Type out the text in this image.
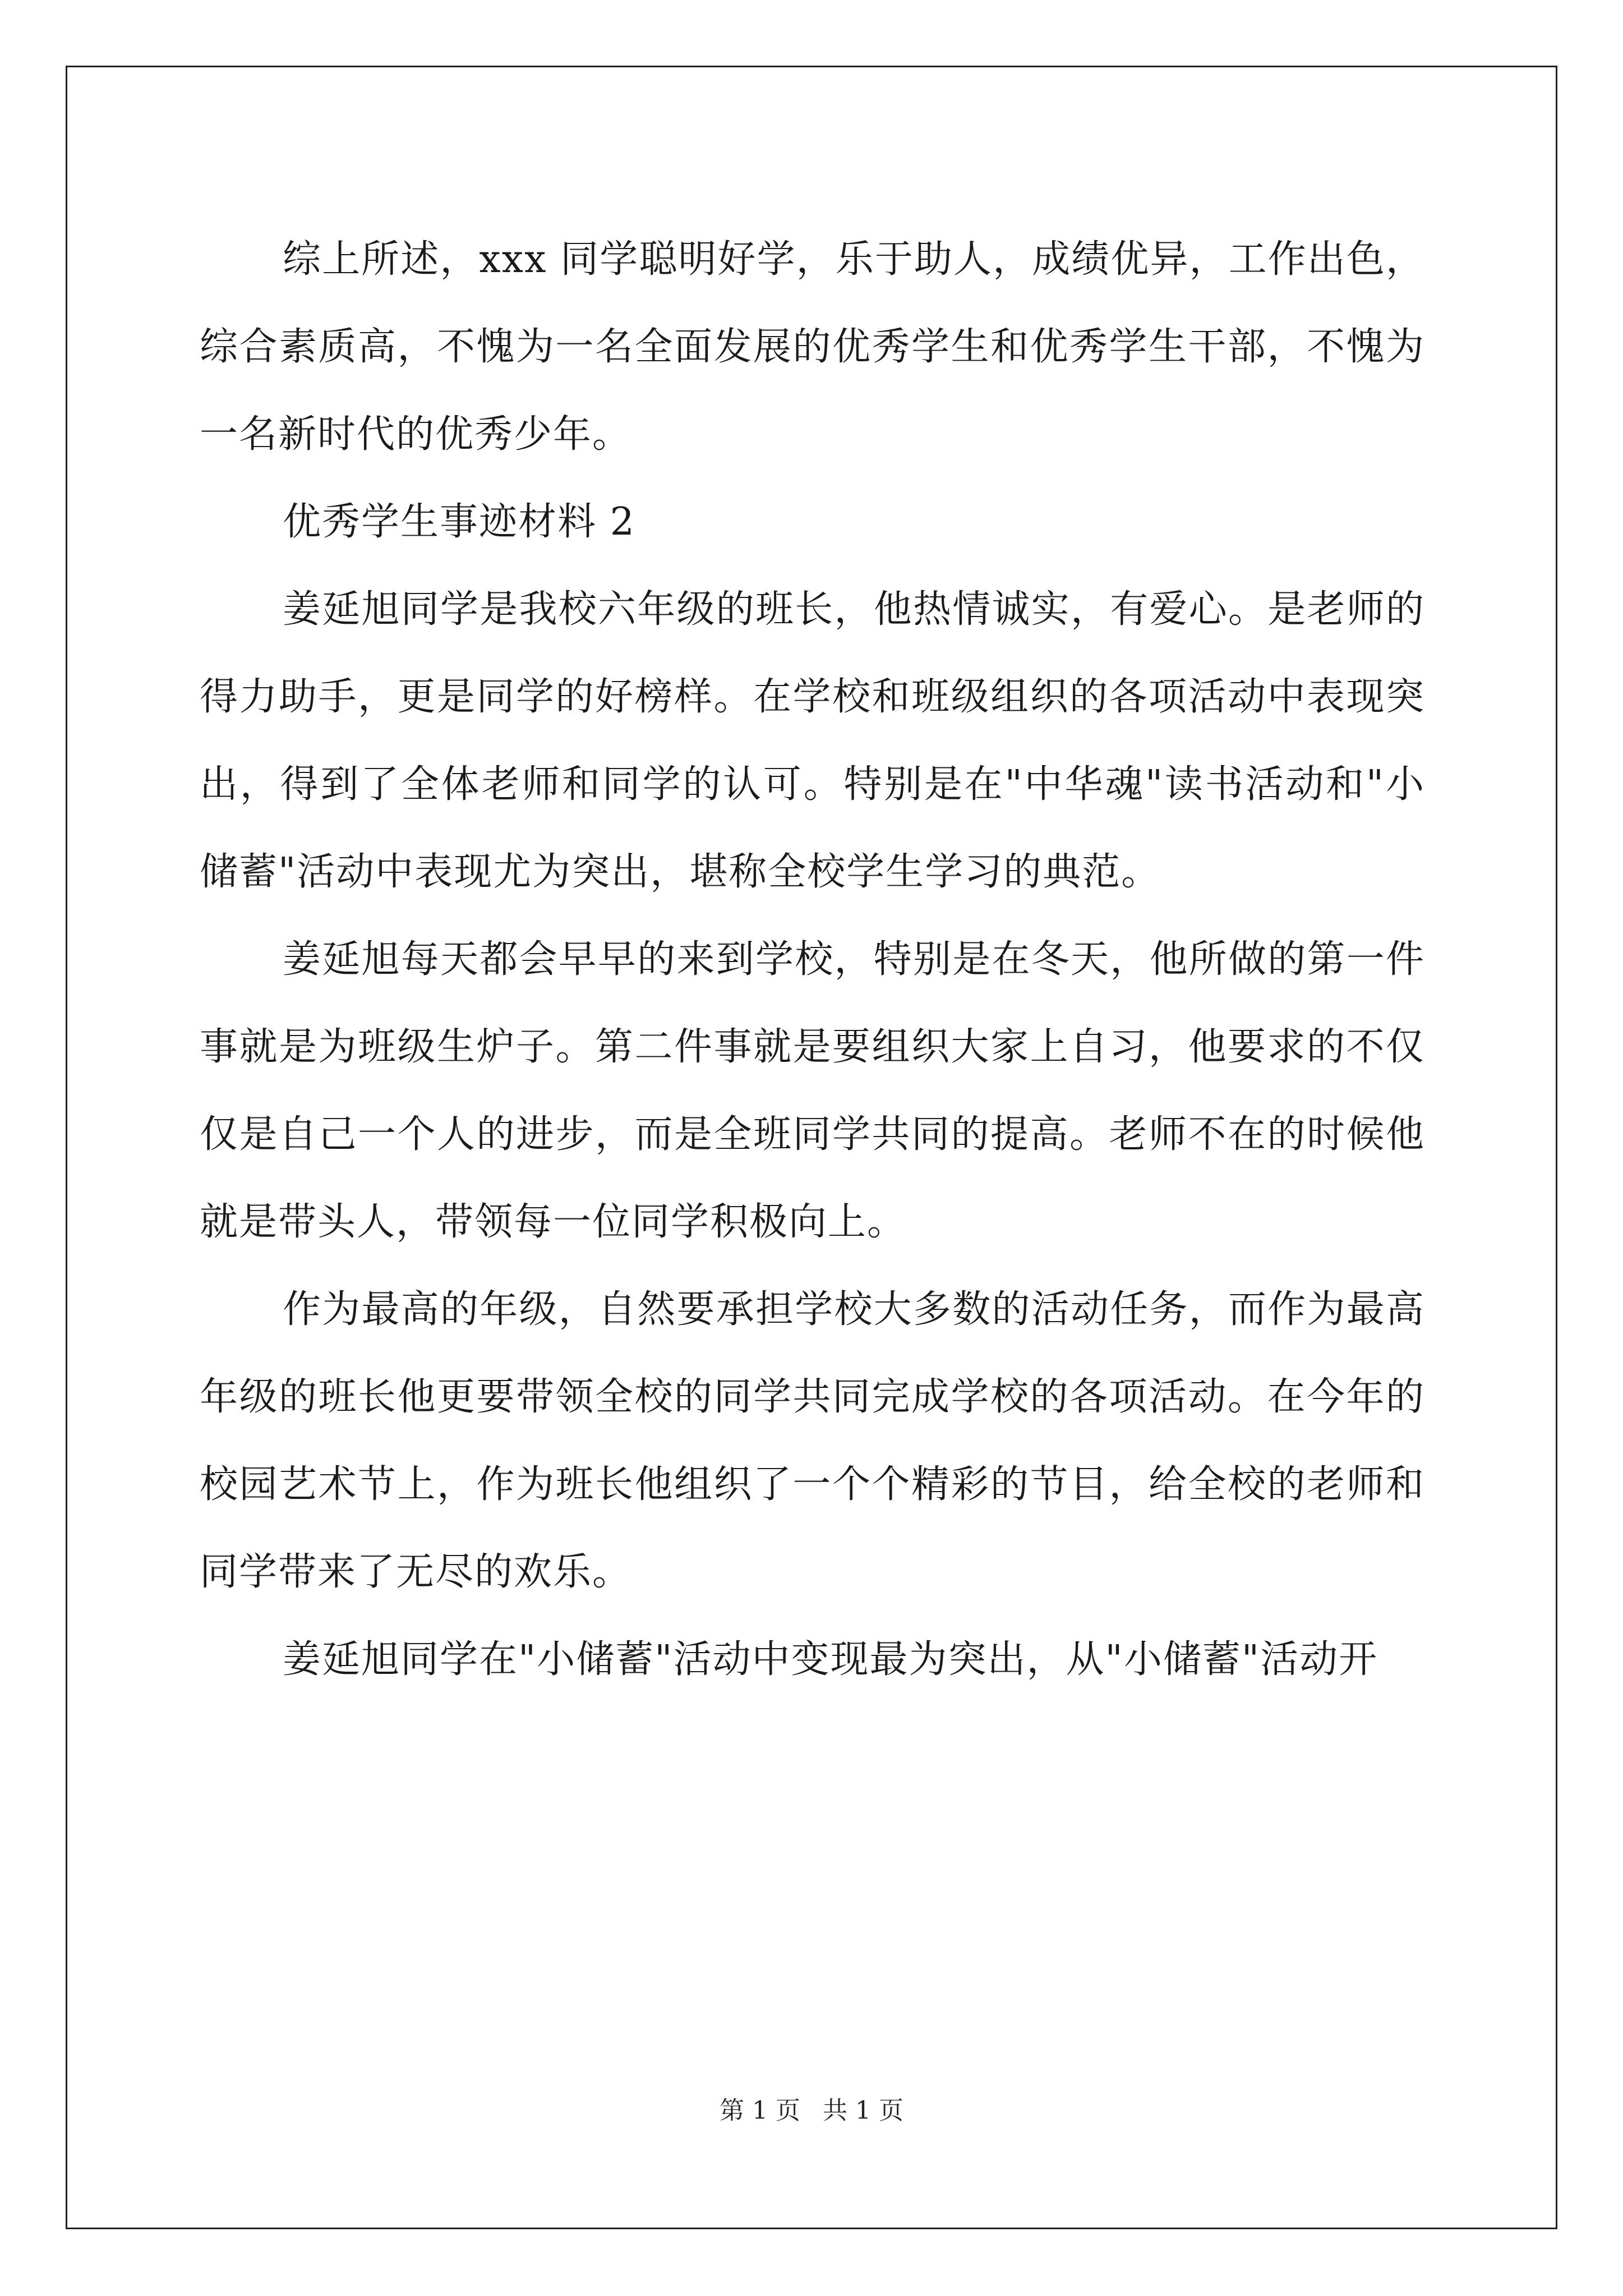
综上所述，xxx 同学聪明好学，乐于助人，成绩优异，工作出色，综合素质高，不愧为一名全面发展的优秀学生和优秀学生干部，不愧为一名新时代的优秀少年。

优秀学生事迹材料 2

姜延旭同学是我校六年级的班长，他热情诚实，有爱心。是老师的得力助手，更是同学的好榜样。在学校和班级组织的各项活动中表现突出，得到了全体老师和同学的认可。特别是在"中华魂"读书活动和"小储蓄"活动中表现尤为突出，堪称全校学生学习的典范。

姜延旭每天都会早早的来到学校，特别是在冬天，他所做的第一件事就是为班级生炉子。第二件事就是要组织大家上自习，他要求的不仅仅是自己一个人的进步，而是全班同学共同的提高。老师不在的时候他就是带头人，带领每一位同学积极向上。

作为最高的年级，自然要承担学校大多数的活动任务，而作为最高年级的班长他更要带领全校的同学共同完成学校的各项活动。在今年的校园艺术节上，作为班长他组织了一个个精彩的节目，给全校的老师和同学带来了无尽的欢乐。

姜延旭同学在"小储蓄"活动中变现最为突出，从"小储蓄"活动开

第 1 页 共 1 页
